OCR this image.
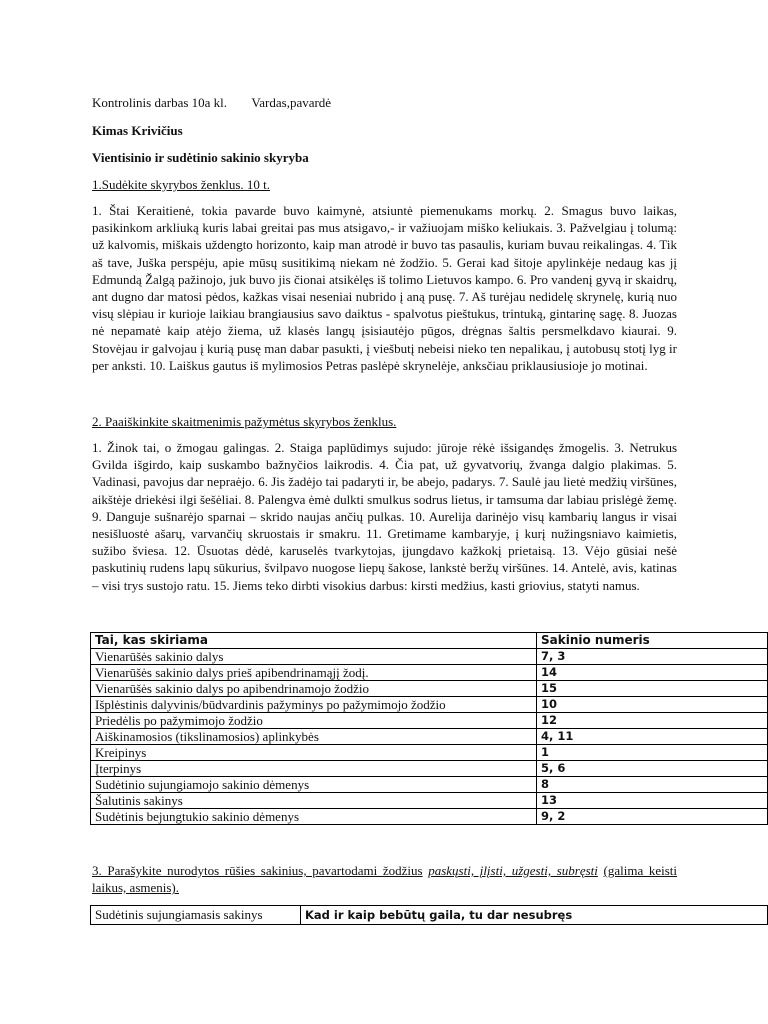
Kontrolinis darbas 10a kl. Vardas,pavardė
Kimas Krivičius
Vientisinio ir sudėtinio sakinio skyryba
1.Sudėkite skyrybos ženklus. 10 t.
1. Štai Keraitienė, tokia pavarde buvo kaimynė, atsiuntė piemenukams morkų. 2. Smagus buvo laikas, pasikinkom arkliuką kuris labai greitai pas mus atsigavo,- ir važiuojam miško keliukais. 3. Pažvelgiau į tolumą: už kalvomis, miškais uždengto horizonto, kaip man atrodė ir buvo tas pasaulis, kuriam buvau reikalingas. 4. Tik aš tave, Juška perspėju, apie mūsų susitikimą niekam nė žodžio. 5. Gerai kad šitoje apylinkėje nedaug kas jį Edmundą Žalgą pažinojo, juk buvo jis čionai atsikėlęs iš tolimo Lietuvos kampo. 6. Pro vandenį gyvą ir skaidrų, ant dugno dar matosi pėdos, kažkas visai neseniai nubrido į aną pusę. 7. Aš turėjau nedidelę skrynelę, kurią nuo visų slėpiau ir kurioje laikiau brangiausius savo daiktus - spalvotus pieštukus, trintuką, gintarinę sagę. 8. Juozas nė nepamatė kaip atėjo žiema, už klasės langų įsisiautėjo pūgos, drėgnas šaltis persmelkdavo kiaurai. 9. Stovėjau ir galvojau į kurią pusę man dabar pasukti, į viešbutį nebeisi nieko ten nepalikau, į autobusų stotį lyg ir per anksti. 10. Laiškus gautus iš mylimosios Petras paslėpė skrynelėje, anksčiau priklausiusioje jo motinai.
2. Paaiškinkite skaitmenimis pažymėtus skyrybos ženklus.
1. Žinok tai, o žmogau galingas. 2. Staiga paplūdimys sujudo: jūroje rėkė išsigandęs žmogelis. 3. Netrukus Gvilda išgirdo, kaip suskambo bažnyčios laikrodis. 4. Čia pat, už gyvatvorių, žvanga dalgio plakimas. 5. Vadinasi, pavojus dar nepraėjo. 6. Jis žadėjo tai padaryti ir, be abejo, padarys. 7. Saulė jau lietė medžių viršūnes, aikštėje driekėsi ilgi šešėliai. 8. Palengva ėmė dulkti smulkus sodrus lietus, ir tamsuma dar labiau prislėgė žemę. 9. Danguje sušnarėjo sparnai – skrido naujas ančių pulkas. 10. Aurelija darinėjo visų kambarių langus ir visai nesišluostė ašarų, varvančių skruostais ir smakru. 11. Gretimame kambaryje, į kurį nužingsniavo kaimietis, sužibo šviesa. 12. Ūsuotas dėdė, karuselės tvarkytojas, įjungdavo kažkokį prietaisą. 13. Vėjo gūsiai nešė paskutinių rudens lapų sūkurius, švilpavo nuogose liepų šakose, lankstė beržų viršūnes. 14. Antelė, avis, katinas – visi trys sustojo ratu. 15. Jiems teko dirbti visokius darbus: kirsti medžius, kasti griovius, statyti namus.
Tai, kas skiriama	Sakinio numeris
Vienarūšės sakinio dalys	7, 3
Vienarūšės sakinio dalys prieš apibendrinamąjį žodį.	14
Vienarūšės sakinio dalys po apibendrinamojo žodžio	15
Išplėstinis dalyvinis/būdvardinis pažyminys po pažymimojo žodžio	10
Priedėlis po pažymimojo žodžio	12
Aiškinamosios (tikslinamosios) aplinkybės	4, 11
Kreipinys	1
Įterpinys	5, 6
Sudėtinio sujungiamojo sakinio dėmenys	8
Šalutinis sakinys	13
Sudėtinis bejungtukio sakinio dėmenys	9, 2
3. Parašykite nurodytos rūšies sakinius, pavartodami žodžius paskųsti, įlįsti, užgesti, subręsti (galima keisti laikus, asmenis).
Sudėtinis sujungiamasis sakinys	Kad ir kaip bebūtų gaila, tu dar nesubręs
